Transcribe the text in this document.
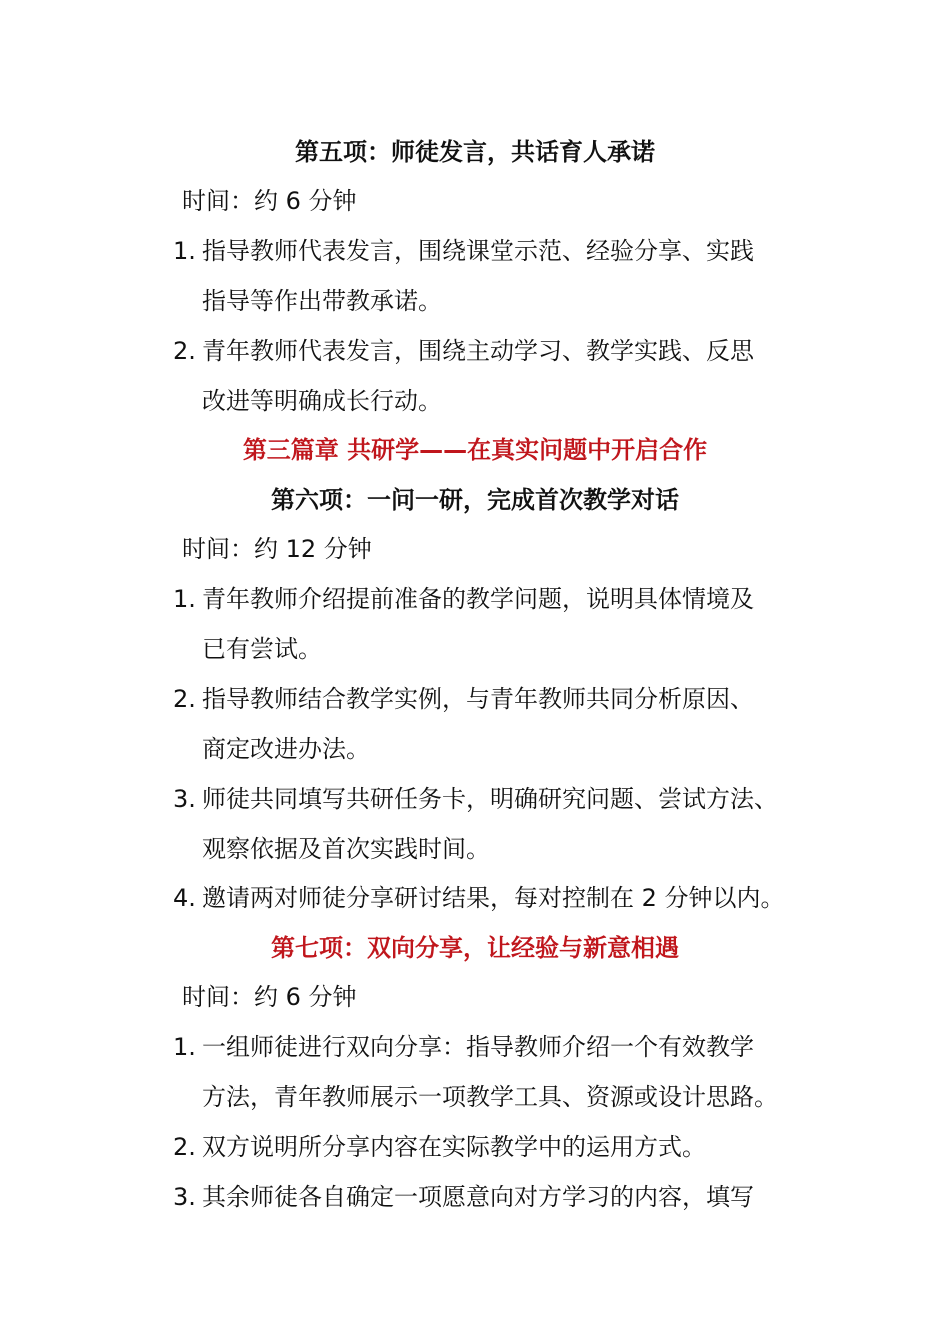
第五项：师徒发言，共话育人承诺
时间：约 6 分钟
1. 指导教师代表发言，围绕课堂示范、经验分享、实践
指导等作出带教承诺。
2. 青年教师代表发言，围绕主动学习、教学实践、反思
改进等明确成长行动。
第三篇章 共研学——在真实问题中开启合作
第六项：一问一研，完成首次教学对话
时间：约 12 分钟
1. 青年教师介绍提前准备的教学问题，说明具体情境及
已有尝试。
2. 指导教师结合教学实例，与青年教师共同分析原因、
商定改进办法。
3. 师徒共同填写共研任务卡，明确研究问题、尝试方法、
观察依据及首次实践时间。
4. 邀请两对师徒分享研讨结果，每对控制在 2 分钟以内。
第七项：双向分享，让经验与新意相遇
时间：约 6 分钟
1. 一组师徒进行双向分享：指导教师介绍一个有效教学
方法，青年教师展示一项教学工具、资源或设计思路。
2. 双方说明所分享内容在实际教学中的运用方式。
3. 其余师徒各自确定一项愿意向对方学习的内容，填写
